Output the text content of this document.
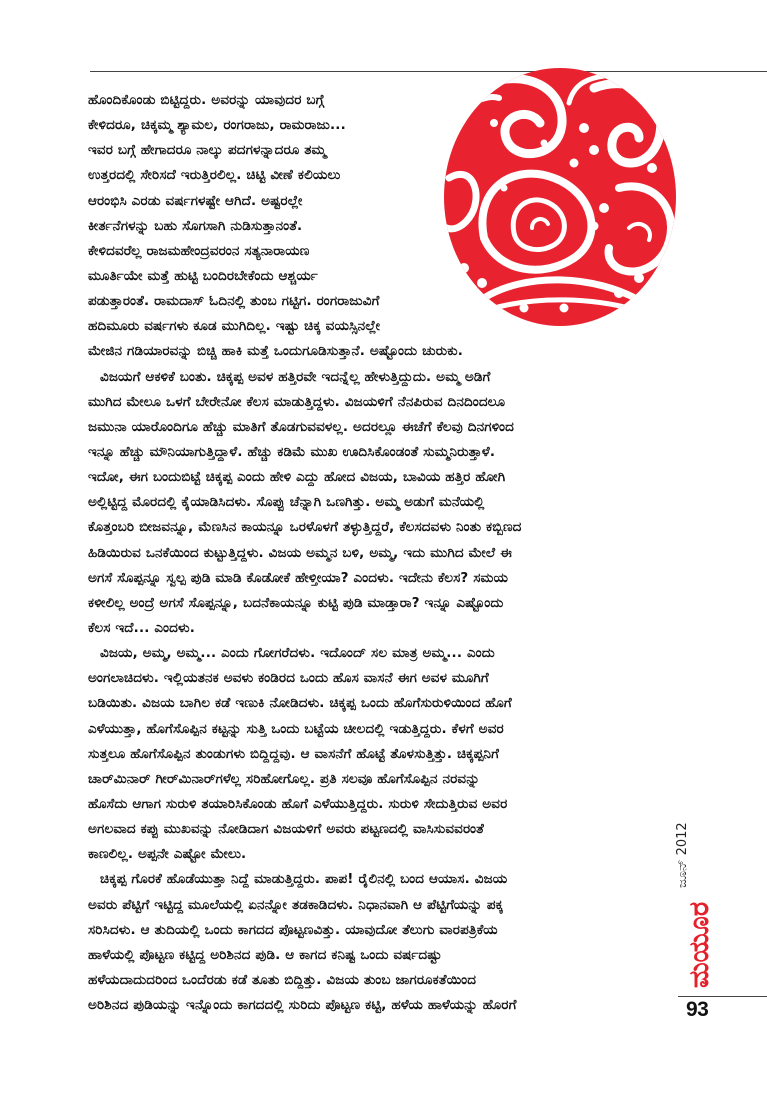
ಹೊಂದಿಕೊಂಡು ಬಿಟ್ಟಿದ್ದರು. ಅವರನ್ನು ಯಾವುದರ ಬಗ್ಗೆ
ಕೇಳಿದರೂ, ಚಿಕ್ಕಮ್ಮ ಶ್ಯಾಮಲ, ರಂಗರಾಜು, ರಾಮರಾಜು...
ಇವರ ಬಗ್ಗೆ ಹೇಗಾದರೂ ನಾಲ್ಕು ಪದಗಳನ್ನಾದರೂ ತಮ್ಮ
ಉತ್ತರದಲ್ಲಿ ಸೇರಿಸದೆ ಇರುತ್ತಿರಲಿಲ್ಲ. ಚಿಟ್ಟಿ ವೀಣೆ ಕಲಿಯಲು
ಆರಂಭಿಸಿ ಎರಡು ವರ್ಷಗಳಷ್ಟೇ ಆಗಿದೆ. ಅಷ್ಟರಲ್ಲೇ
ಕೀರ್ತನೆಗಳನ್ನು ಬಹು ಸೊಗಸಾಗಿ ನುಡಿಸುತ್ತಾನಂತೆ.
ಕೇಳಿದವರೆಲ್ಲ ರಾಜಮಹೇಂದ್ರವರಂನ ಸತ್ಯನಾರಾಯಣ
ಮೂರ್ತಿಯೇ ಮತ್ತೆ ಹುಟ್ಟಿ ಬಂದಿರಬೇಕೆಂದು ಆಶ್ಚರ್ಯ
ಪಡುತ್ತಾರಂತೆ. ರಾಮದಾಸ್ ಓದಿನಲ್ಲಿ ತುಂಬ ಗಟ್ಟಿಗ. ರಂಗರಾಜುವಿಗೆ
ಹದಿಮೂರು ವರ್ಷಗಳು ಕೂಡ ಮುಗಿದಿಲ್ಲ. ಇಷ್ಟು ಚಿಕ್ಕ ವಯಸ್ಸಿನಲ್ಲೇ
ಮೇಜಿನ ಗಡಿಯಾರವನ್ನು ಬಿಚ್ಚಿ ಹಾಕಿ ಮತ್ತೆ ಒಂದುಗೂಡಿಸುತ್ತಾನೆ. ಅಷ್ಟೊಂದು ಚುರುಕು.
ವಿಜಯಗೆ ಆಕಳಿಕೆ ಬಂತು. ಚಿಕ್ಕಪ್ಪ ಅವಳ ಹತ್ತಿರವೇ ಇದನ್ನೆಲ್ಲ ಹೇಳುತ್ತಿದ್ದುದು. ಅಮ್ಮ ಅಡಿಗೆ
ಮುಗಿದ ಮೇಲೂ ಒಳಗೆ ಬೇರೇನೋ ಕೆಲಸ ಮಾಡುತ್ತಿದ್ದಳು. ವಿಜಯಳಿಗೆ ನೆನಪಿರುವ ದಿನದಿಂದಲೂ
ಜಮುನಾ ಯಾರೊಂದಿಗೂ ಹೆಚ್ಚು ಮಾತಿಗೆ ತೊಡಗುವವಳಲ್ಲ. ಅದರಲ್ಲೂ ಈಚೆಗೆ ಕೆಲವು ದಿನಗಳಿಂದ
ಇನ್ನೂ ಹೆಚ್ಚು ಮೌನಿಯಾಗುತ್ತಿದ್ದಾಳೆ. ಹೆಚ್ಚು ಕಡಿಮೆ ಮುಖ ಊದಿಸಿಕೊಂಡಂತೆ ಸುಮ್ಮನಿರುತ್ತಾಳೆ.
ಇದೋ, ಈಗ ಬಂದುಬಿಟ್ಟೆ ಚಿಕ್ಕಪ್ಪ ಎಂದು ಹೇಳಿ ಎದ್ದು ಹೋದ ವಿಜಯ, ಬಾವಿಯ ಹತ್ತಿರ ಹೋಗಿ
ಅಲ್ಲಿಟ್ಟಿದ್ದ ಮೊರದಲ್ಲಿ ಕೈಯಾಡಿಸಿದಳು. ಸೊಪ್ಪು ಚೆನ್ನಾಗಿ ಒಣಗಿತ್ತು. ಅಮ್ಮ ಅಡುಗೆ ಮನೆಯಲ್ಲಿ
ಕೊತ್ತಂಬರಿ ಬೀಜವನ್ನೂ, ಮೆಣಸಿನ ಕಾಯನ್ನೂ ಒರಳೊಳಗೆ ತಳ್ಳುತ್ತಿದ್ದರೆ, ಕೆಲಸದವಳು ನಿಂತು ಕಬ್ಬಿಣದ
ಹಿಡಿಯಿರುವ ಒನಕೆಯಿಂದ ಕುಟ್ಟುತ್ತಿದ್ದಳು. ವಿಜಯ ಅಮ್ಮನ ಬಳಿ, ಅಮ್ಮ, ಇದು ಮುಗಿದ ಮೇಲೆ ಈ
ಅಗಸೆ ಸೊಪ್ಪನ್ನೂ ಸ್ವಲ್ಪ ಪುಡಿ ಮಾಡಿ ಕೊಡೋಕೆ ಹೇಳ್ತೀಯಾ? ಎಂದಳು. ಇದೇನು ಕೆಲಸ? ಸಮಯ
ಕಳೀಲಿಲ್ಲ ಅಂದ್ರೆ ಅಗಸೆ ಸೊಪ್ಪನ್ನೂ, ಬದನೆಕಾಯನ್ನೂ ಕುಟ್ಟಿ ಪುಡಿ ಮಾಡ್ತಾರಾ? ಇನ್ನೂ ಎಷ್ಟೊಂದು
ಕೆಲಸ ಇದೆ... ಎಂದಳು.
ವಿಜಯ, ಅಮ್ಮ, ಅಮ್ಮ... ಎಂದು ಗೋಗರೆದಳು. ಇದೊಂದ್ ಸಲ ಮಾತ್ರ ಅಮ್ಮ... ಎಂದು
ಅಂಗಲಾಚಿದಳು. ಇಲ್ಲಿಯತನಕ ಅವಳು ಕಂಡಿರದ ಒಂದು ಹೊಸ ವಾಸನೆ ಈಗ ಅವಳ ಮೂಗಿಗೆ
ಬಡಿಯಿತು. ವಿಜಯ ಬಾಗಿಲ ಕಡೆ ಇಣುಕಿ ನೋಡಿದಳು. ಚಿಕ್ಕಪ್ಪ ಒಂದು ಹೊಗೆಸುರುಳಿಯಿಂದ ಹೊಗೆ
ಎಳೆಯುತ್ತಾ, ಹೊಗೆಸೊಪ್ಪಿನ ಕಟ್ಟನ್ನು ಸುತ್ತಿ ಒಂದು ಬಟ್ಟೆಯ ಚೀಲದಲ್ಲಿ ಇಡುತ್ತಿದ್ದರು. ಕೆಳಗೆ ಅವರ
ಸುತ್ತಲೂ ಹೊಗೆಸೊಪ್ಪಿನ ತುಂಡುಗಳು ಬಿದ್ದಿದ್ದವು. ಆ ವಾಸನೆಗೆ ಹೊಟ್ಟೆ ತೊಳಸುತ್ತಿತ್ತು. ಚಿಕ್ಕಪ್ಪನಿಗೆ
ಚಾರ್‌ಮಿನಾರ್ ಗೀರ್‌ಮಿನಾರ್‌ಗಳೆಲ್ಲ ಸರಿಹೋಗೊಲ್ಲ. ಪ್ರತಿ ಸಲವೂ ಹೊಗೆಸೊಪ್ಪಿನ ನರವನ್ನು
ಹೊಸೆದು ಆಗಾಗ ಸುರುಳಿ ತಯಾರಿಸಿಕೊಂಡು ಹೊಗೆ ಎಳೆಯುತ್ತಿದ್ದರು. ಸುರುಳಿ ಸೇದುತ್ತಿರುವ ಅವರ
ಅಗಲವಾದ ಕಪ್ಪು ಮುಖವನ್ನು ನೋಡಿದಾಗ ವಿಜಯಳಿಗೆ ಅವರು ಪಟ್ಟಣದಲ್ಲಿ ವಾಸಿಸುವವರಂತೆ
ಕಾಣಲಿಲ್ಲ. ಅಪ್ಪನೇ ಎಷ್ಟೋ ಮೇಲು.
ಚಿಕ್ಕಪ್ಪ ಗೊರಕೆ ಹೊಡೆಯುತ್ತಾ ನಿದ್ದೆ ಮಾಡುತ್ತಿದ್ದರು. ಪಾಪ! ರೈಲಿನಲ್ಲಿ ಬಂದ ಆಯಾಸ. ವಿಜಯ
ಅವರು ಪೆಟ್ಟಿಗೆ ಇಟ್ಟಿದ್ದ ಮೂಲೆಯಲ್ಲಿ ಏನನ್ನೋ ತಡಕಾಡಿದಳು. ನಿಧಾನವಾಗಿ ಆ ಪೆಟ್ಟಿಗೆಯನ್ನು ಪಕ್ಕ
ಸರಿಸಿದಳು. ಆ ತುದಿಯಲ್ಲಿ ಒಂದು ಕಾಗದದ ಪೊಟ್ಟಣವಿತ್ತು. ಯಾವುದೋ ತೆಲುಗು ವಾರಪತ್ರಿಕೆಯ
ಹಾಳೆಯಲ್ಲಿ ಪೊಟ್ಟಣ ಕಟ್ಟಿದ್ದ ಅರಿಶಿನದ ಪುಡಿ. ಆ ಕಾಗದ ಕನಿಷ್ಟ ಒಂದು ವರ್ಷದಷ್ಟು
ಹಳೆಯದಾದುದರಿಂದ ಒಂದೆರಡು ಕಡೆ ತೂತು ಬಿದ್ದಿತ್ತು. ವಿಜಯ ತುಂಬ ಜಾಗರೂಕತೆಯಿಂದ
ಅರಿಶಿನದ ಪುಡಿಯನ್ನು ಇನ್ನೊಂದು ಕಾಗದದಲ್ಲಿ ಸುರಿದು ಪೊಟ್ಟಣ ಕಟ್ಟಿ, ಹಳೆಯ ಹಾಳೆಯನ್ನು ಹೊರಗೆ
ಮಯೂರ
ಜೂನ್ 2012
93
